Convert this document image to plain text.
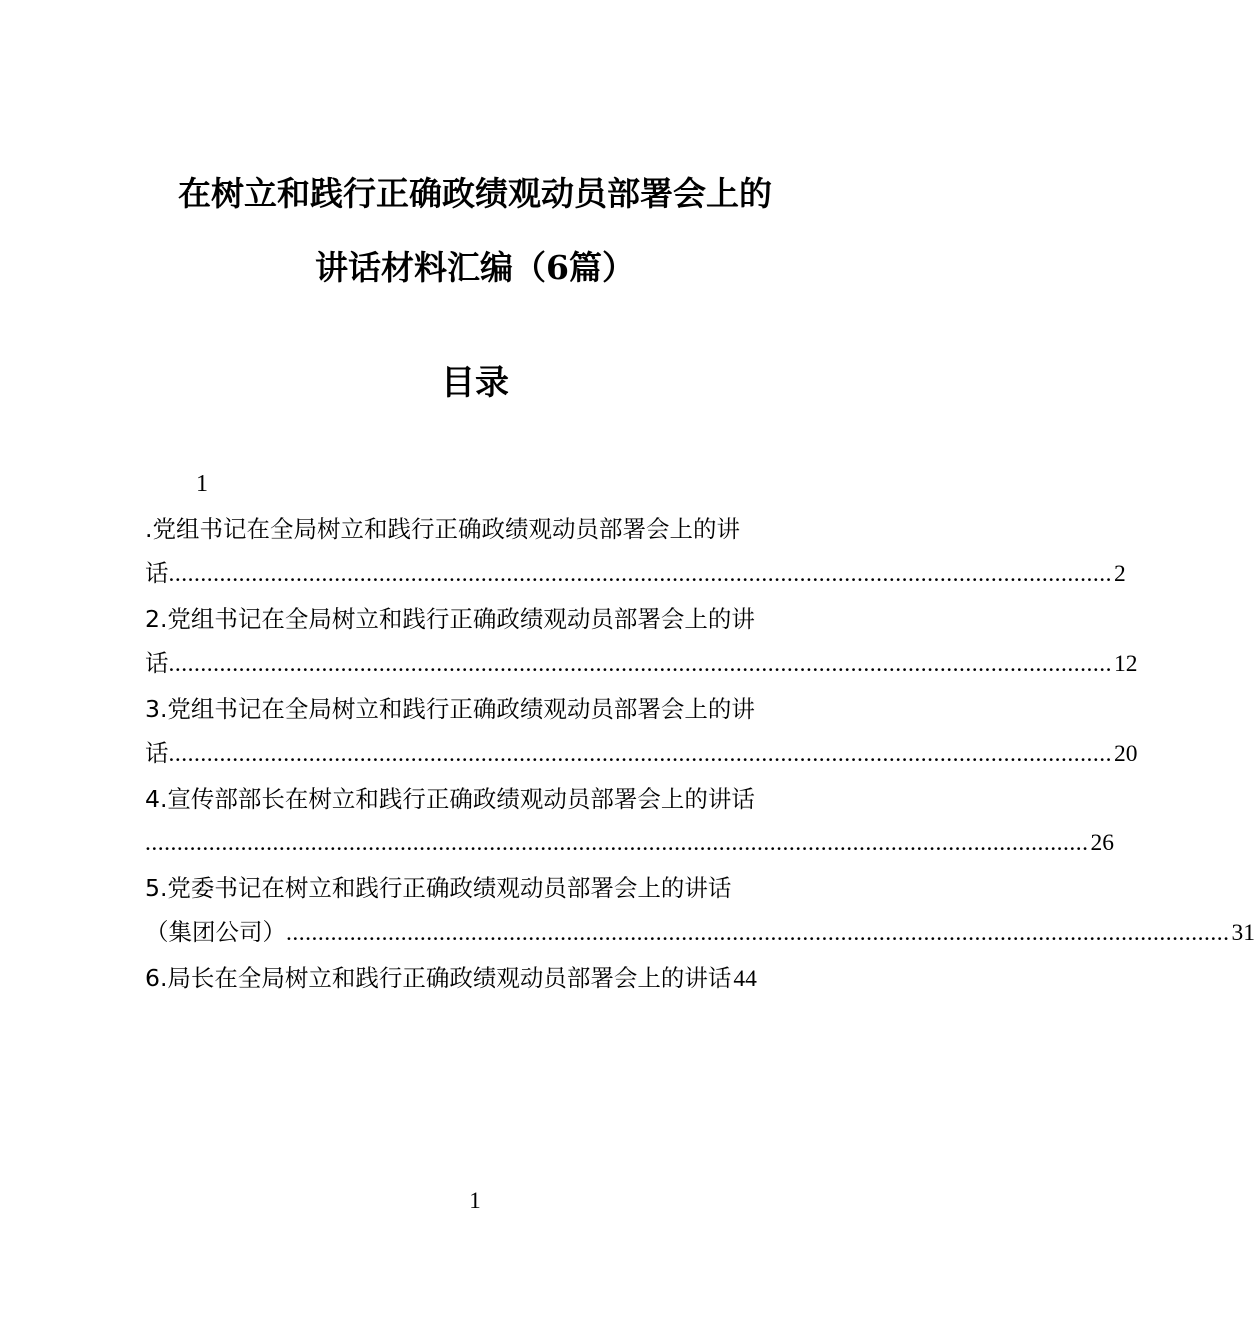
在树立和践行正确政绩观动员部署会上的
讲话材料汇编（6篇）
目录
1
.党组书记在全局树立和践行正确政绩观动员部署会上的讲
话 .................................................................................................................................................... 2
2.党组书记在全局树立和践行正确政绩观动员部署会上的讲
话 .................................................................................................................................................... 12
3.党组书记在全局树立和践行正确政绩观动员部署会上的讲
话 .................................................................................................................................................... 20
4.宣传部部长在树立和践行正确政绩观动员部署会上的讲话
.................................................................................................................................................... 26
5.党委书记在树立和践行正确政绩观动员部署会上的讲话
（集团公司） .................................................................................................................................................... 31
6.局长在全局树立和践行正确政绩观动员部署会上的讲话 44
1
